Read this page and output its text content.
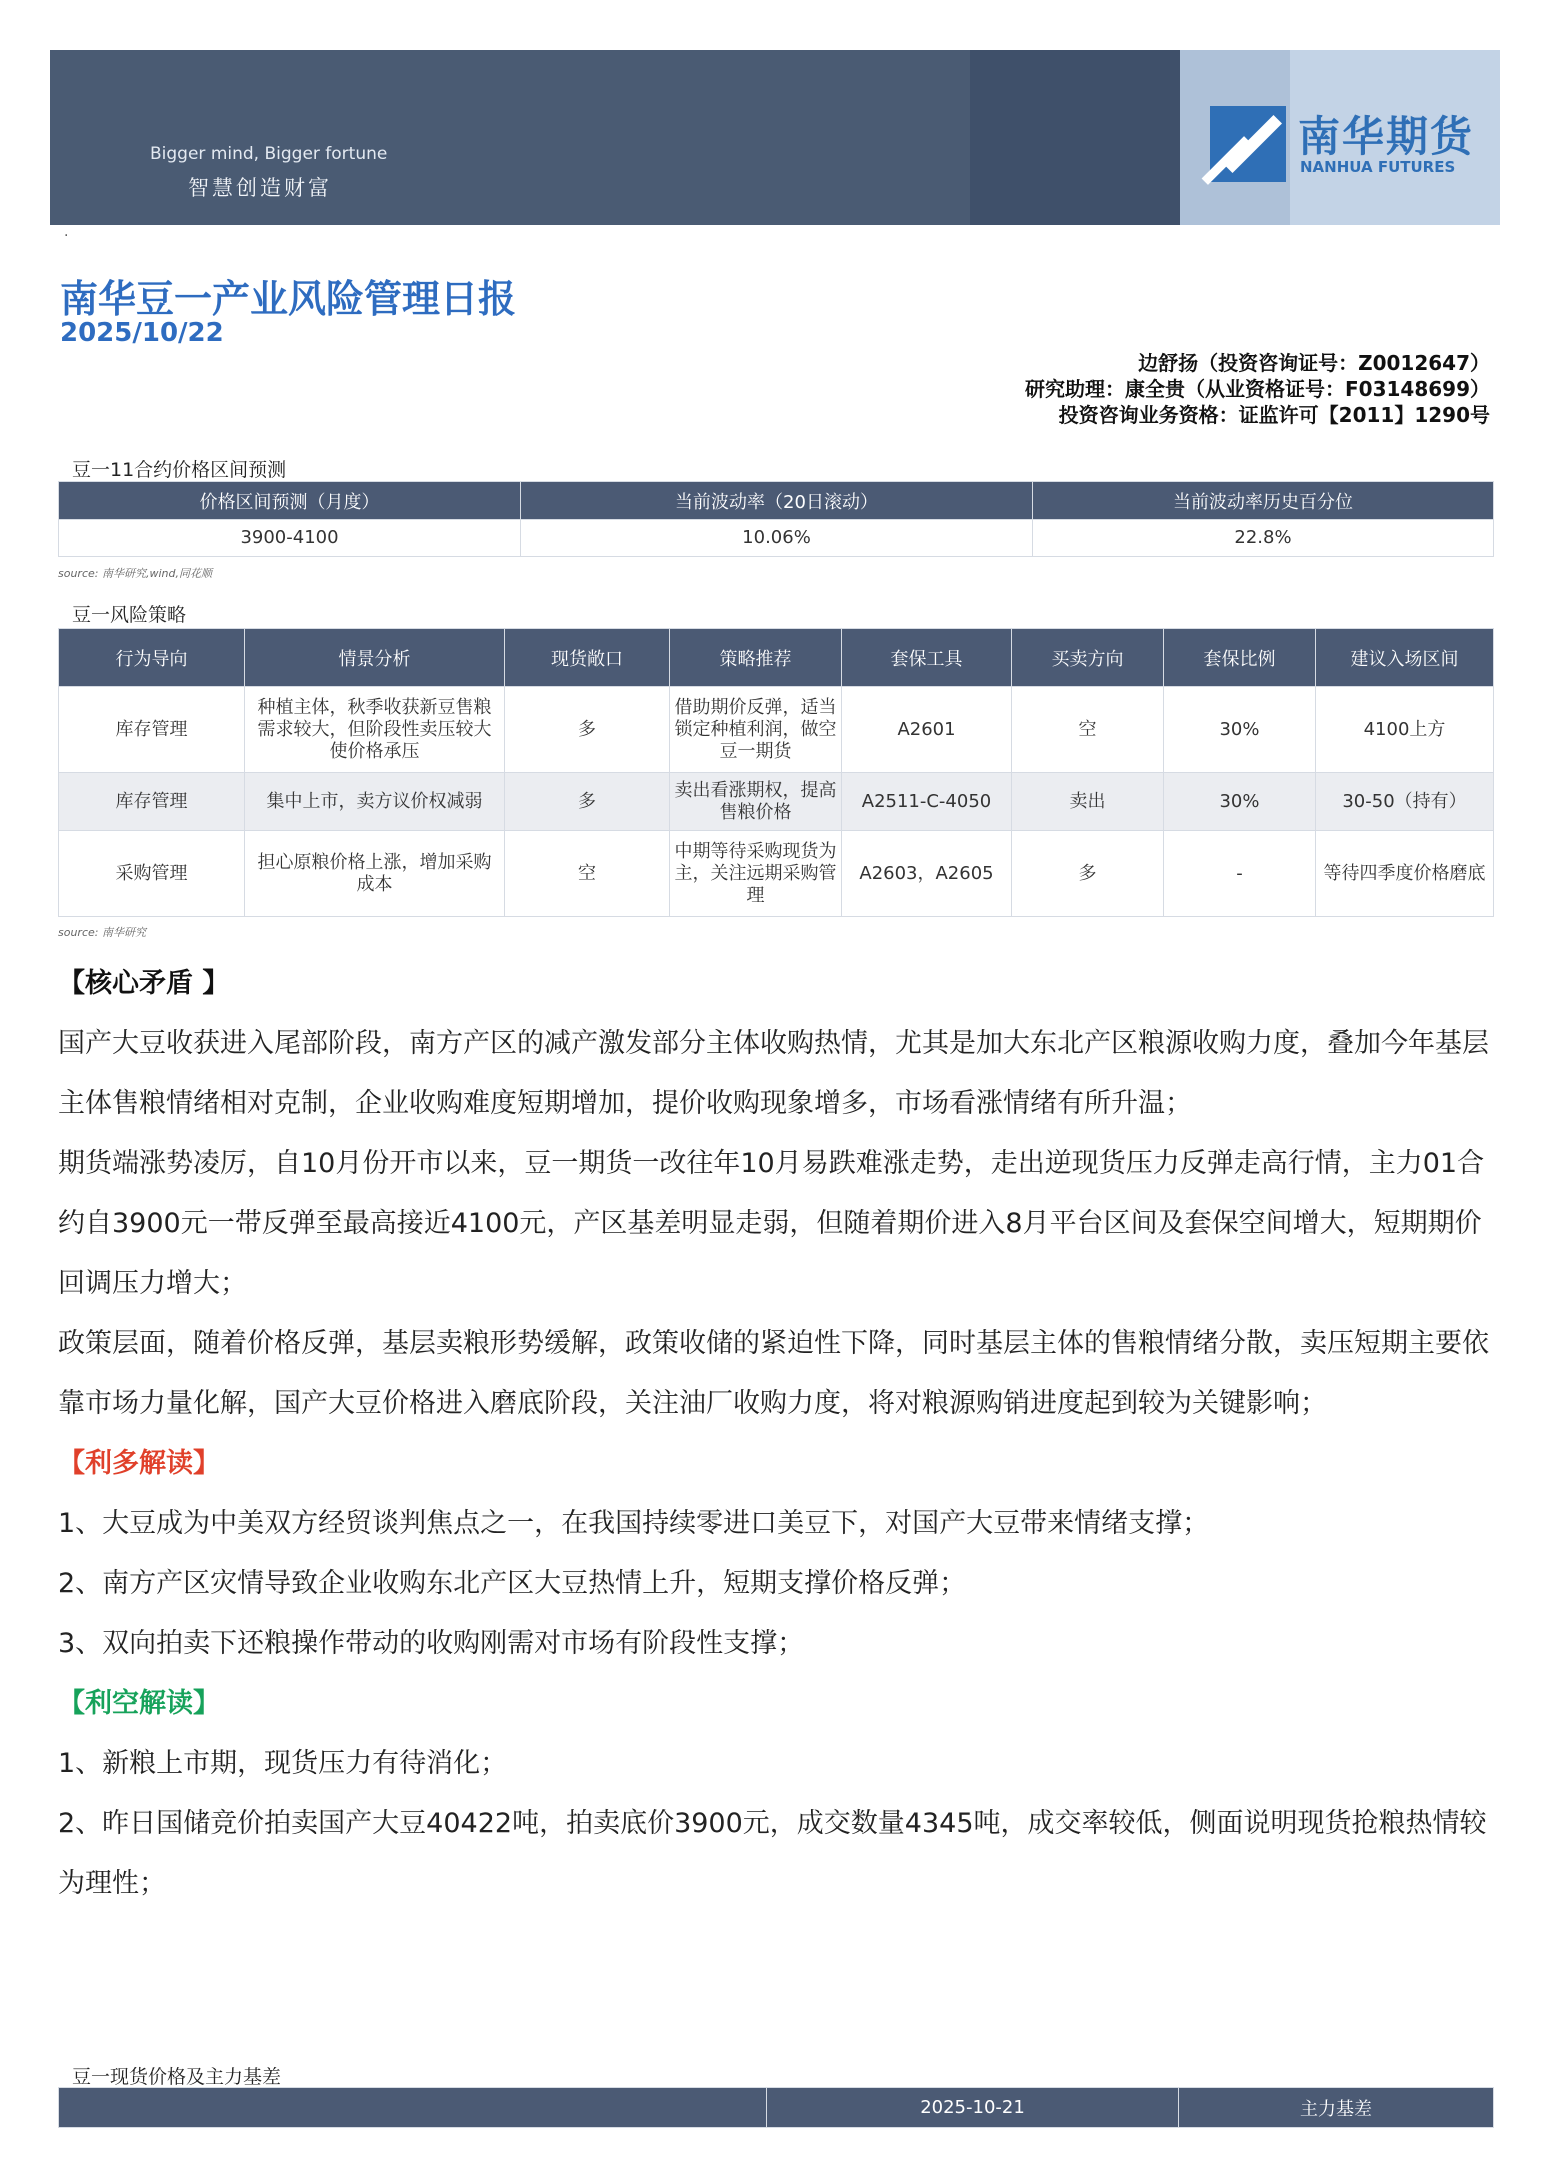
Bigger mind, Bigger fortune
智慧创造财富
南华期货
NANHUA FUTURES
·
南华豆一产业风险管理日报
2025/10/22
边舒扬（投资咨询证号：Z0012647）
研究助理：康全贵（从业资格证号：F03148699）
投资咨询业务资格：证监许可【2011】1290号
豆一11合约价格区间预测
价格区间预测（月度）	当前波动率（20日滚动）	当前波动率历史百分位
3900-4100	10.06%	22.8%
source: 南华研究,wind,同花顺
豆一风险策略
行为导向	情景分析	现货敞口	策略推荐	套保工具	买卖方向	套保比例	建议入场区间
库存管理	种植主体，秋季收获新豆售粮需求较大，但阶段性卖压较大使价格承压	多	借助期价反弹，适当锁定种植利润，做空豆一期货	A2601	空	30%	4100上方
库存管理	集中上市，卖方议价权减弱	多	卖出看涨期权，提高售粮价格	A2511-C-4050	卖出	30%	30-50（持有）
采购管理	担心原粮价格上涨，增加采购成本	空	中期等待采购现货为主，关注远期采购管理	A2603，A2605	多	-	等待四季度价格磨底
source: 南华研究

【核心矛盾 】

国产大豆收获进入尾部阶段，南方产区的减产激发部分主体收购热情，尤其是加大东北产区粮源收购力度，叠加今年基层主体售粮情绪相对克制，企业收购难度短期增加，提价收购现象增多，市场看涨情绪有所升温；

期货端涨势凌厉，自10月份开市以来，豆一期货一改往年10月易跌难涨走势，走出逆现货压力反弹走高行情，主力01合约自3900元一带反弹至最高接近4100元，产区基差明显走弱，但随着期价进入8月平台区间及套保空间增大，短期期价回调压力增大；

政策层面，随着价格反弹，基层卖粮形势缓解，政策收储的紧迫性下降，同时基层主体的售粮情绪分散，卖压短期主要依靠市场力量化解，国产大豆价格进入磨底阶段，关注油厂收购力度，将对粮源购销进度起到较为关键影响；

【利多解读】

1、大豆成为中美双方经贸谈判焦点之一，在我国持续零进口美豆下，对国产大豆带来情绪支撑；

2、南方产区灾情导致企业收购东北产区大豆热情上升，短期支撑价格反弹；

3、双向拍卖下还粮操作带动的收购刚需对市场有阶段性支撑；

【利空解读】

1、新粮上市期，现货压力有待消化；

2、昨日国储竞价拍卖国产大豆40422吨，拍卖底价3900元，成交数量4345吨，成交率较低，侧面说明现货抢粮热情较为理性；

豆一现货价格及主力基差
	2025-10-21	主力基差
